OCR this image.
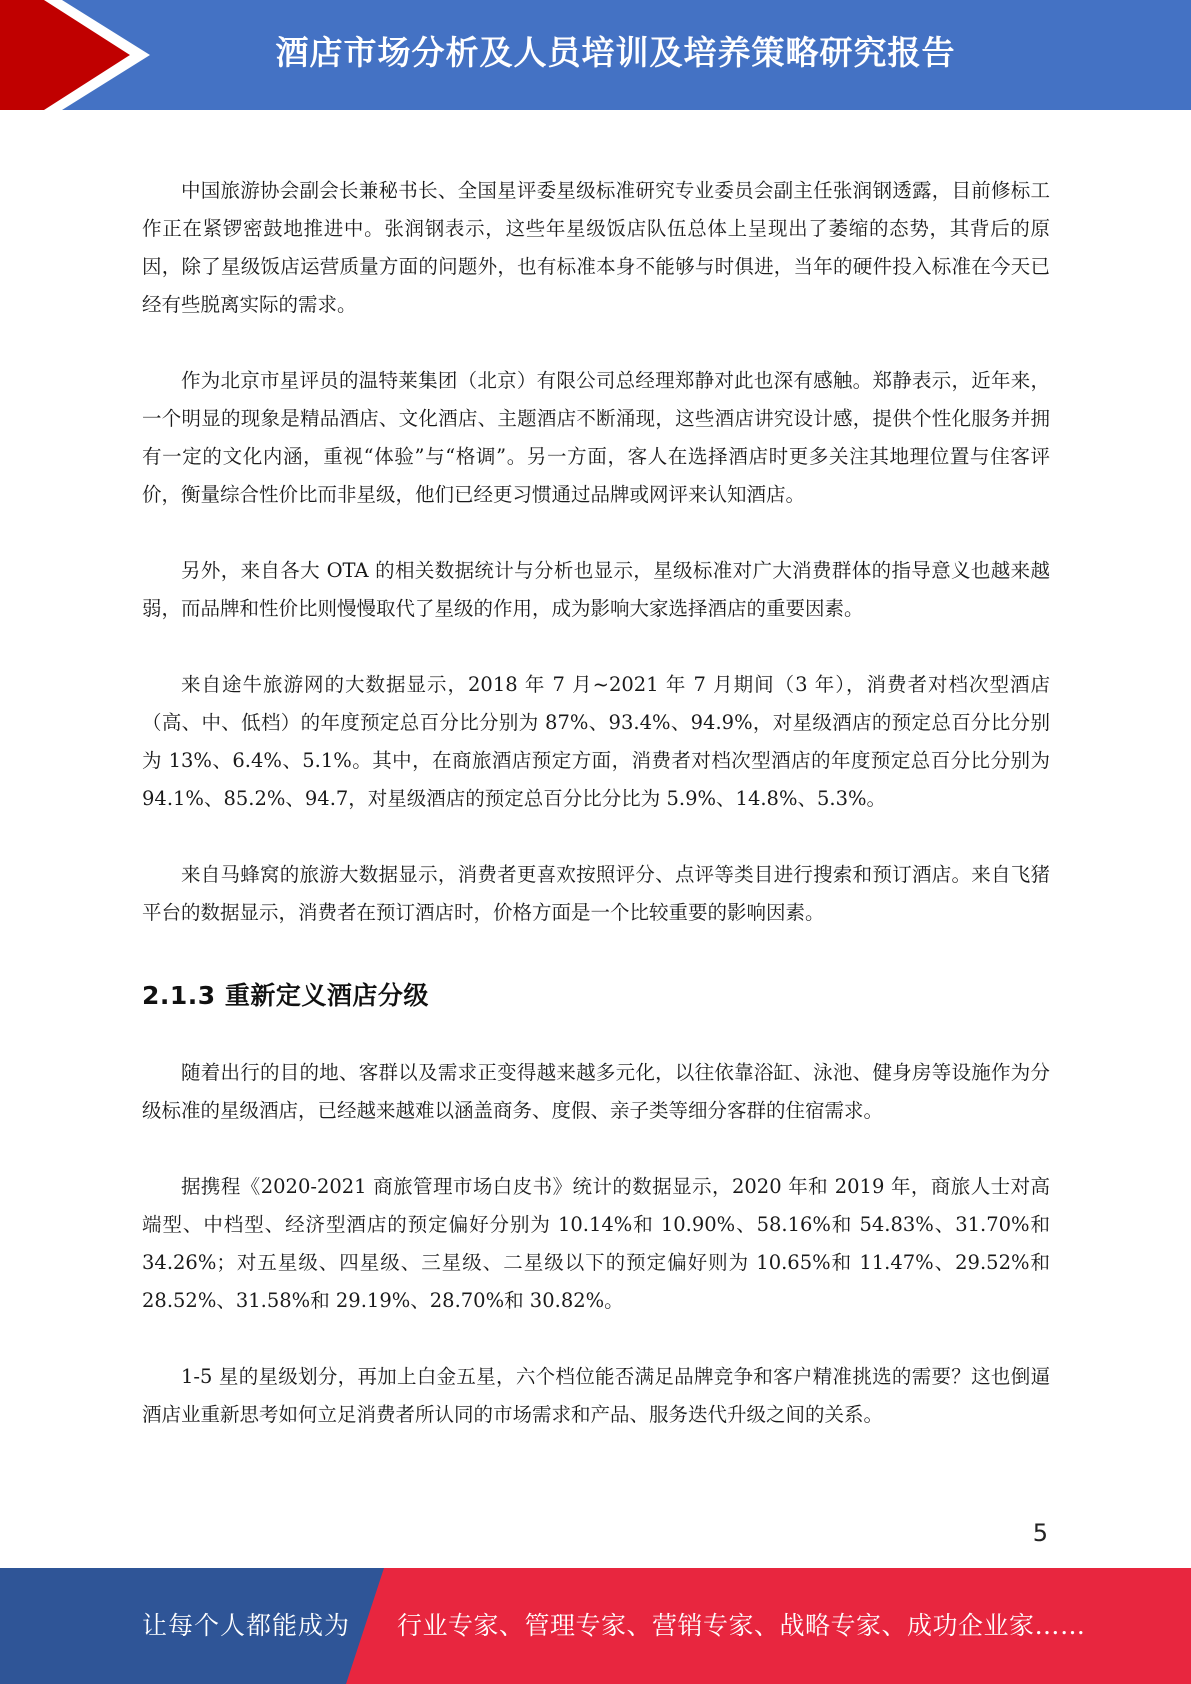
酒店市场分析及人员培训及培养策略研究报告

中国旅游协会副会长兼秘书长、全国星评委星级标准研究专业委员会副主任张润钢透露，目前修标工作正在紧锣密鼓地推进中。张润钢表示，这些年星级饭店队伍总体上呈现出了萎缩的态势，其背后的原因，除了星级饭店运营质量方面的问题外，也有标准本身不能够与时俱进，当年的硬件投入标准在今天已经有些脱离实际的需求。

作为北京市星评员的温特莱集团（北京）有限公司总经理郑静对此也深有感触。郑静表示，近年来，一个明显的现象是精品酒店、文化酒店、主题酒店不断涌现，这些酒店讲究设计感，提供个性化服务并拥有一定的文化内涵，重视“体验”与“格调”。另一方面，客人在选择酒店时更多关注其地理位置与住客评价，衡量综合性价比而非星级，他们已经更习惯通过品牌或网评来认知酒店。

另外，来自各大 OTA 的相关数据统计与分析也显示，星级标准对广大消费群体的指导意义也越来越弱，而品牌和性价比则慢慢取代了星级的作用，成为影响大家选择酒店的重要因素。

来自途牛旅游网的大数据显示，2018 年 7 月~2021 年 7 月期间（3 年），消费者对档次型酒店（高、中、低档）的年度预定总百分比分别为 87%、93.4%、94.9%，对星级酒店的预定总百分比分别为 13%、6.4%、5.1%。其中，在商旅酒店预定方面，消费者对档次型酒店的年度预定总百分比分别为 94.1%、85.2%、94.7，对星级酒店的预定总百分比分比为 5.9%、14.8%、5.3%。

来自马蜂窝的旅游大数据显示，消费者更喜欢按照评分、点评等类目进行搜索和预订酒店。来自飞猪平台的数据显示，消费者在预订酒店时，价格方面是一个比较重要的影响因素。

2.1.3 重新定义酒店分级

随着出行的目的地、客群以及需求正变得越来越多元化，以往依靠浴缸、泳池、健身房等设施作为分级标准的星级酒店，已经越来越难以涵盖商务、度假、亲子类等细分客群的住宿需求。

据携程《2020-2021 商旅管理市场白皮书》统计的数据显示，2020 年和 2019 年，商旅人士对高端型、中档型、经济型酒店的预定偏好分别为 10.14%和 10.90%、58.16%和 54.83%、31.70%和 34.26%；对五星级、四星级、三星级、二星级以下的预定偏好则为 10.65%和 11.47%、29.52%和 28.52%、31.58%和 29.19%、28.70%和 30.82%。

1-5 星的星级划分，再加上白金五星，六个档位能否满足品牌竞争和客户精准挑选的需要？这也倒逼酒店业重新思考如何立足消费者所认同的市场需求和产品、服务迭代升级之间的关系。

5
让每个人都能成为 行业专家、管理专家、营销专家、战略专家、成功企业家……
